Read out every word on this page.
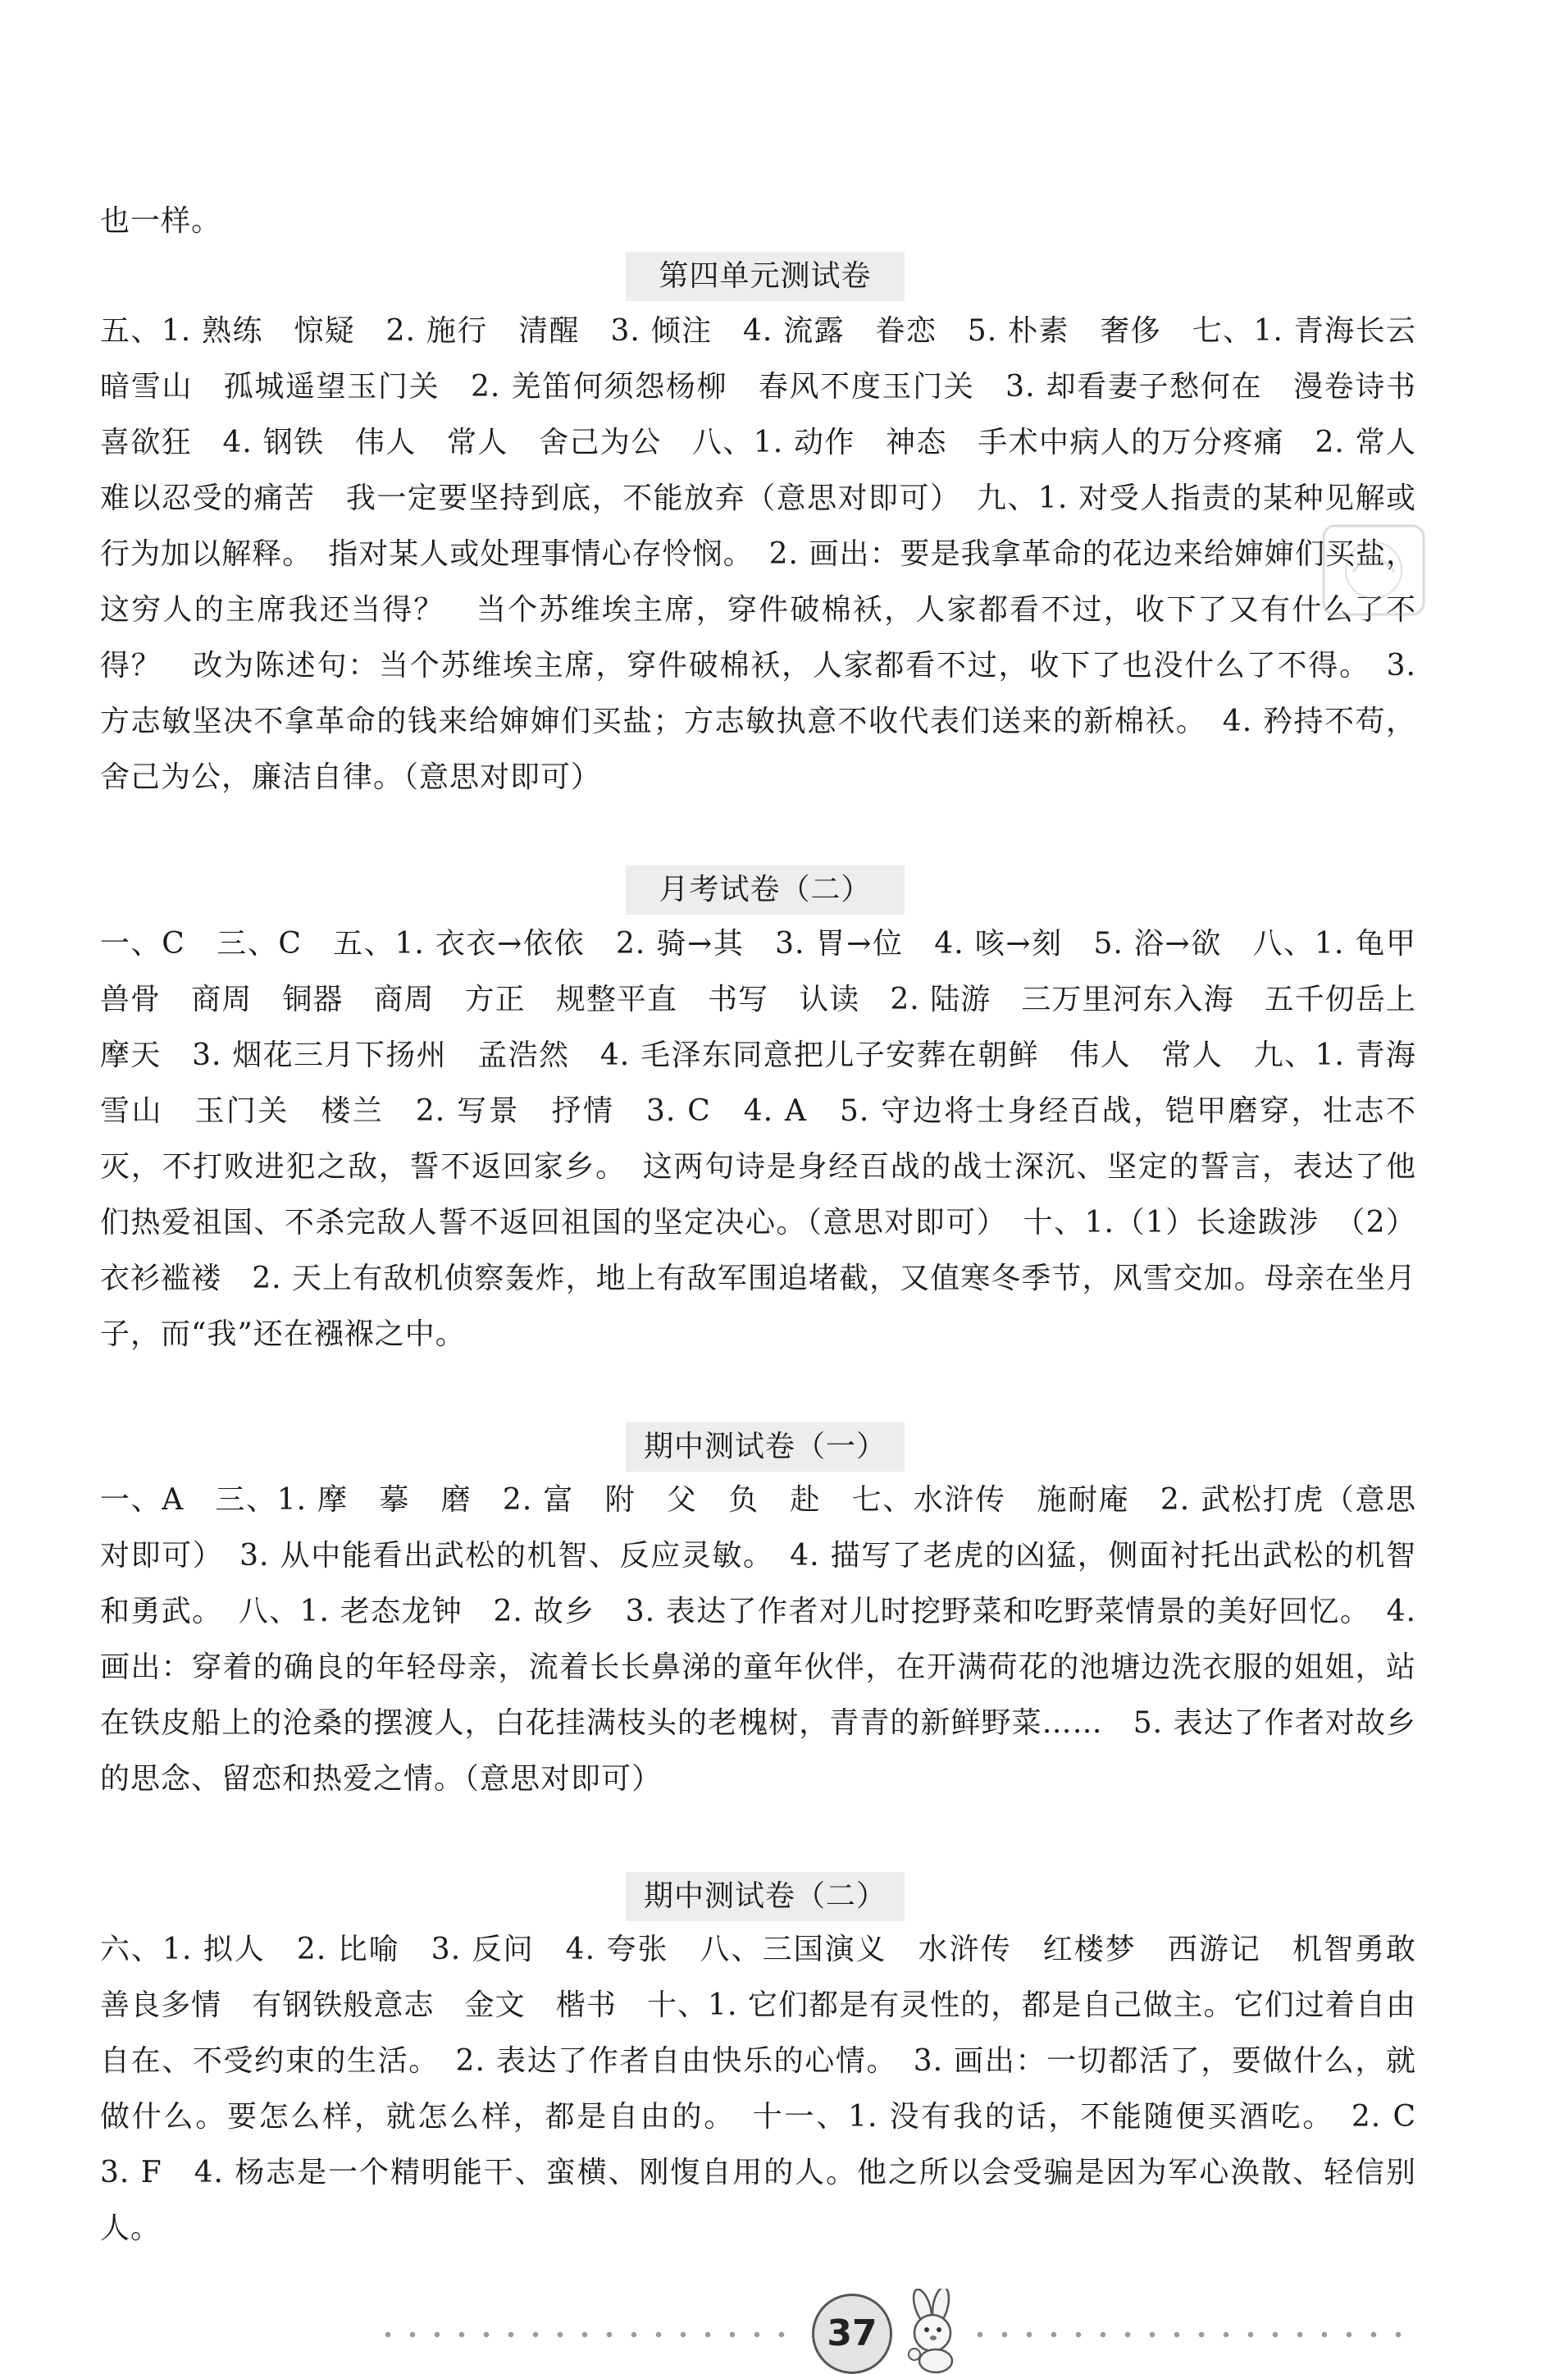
也一样。

第四单元测试卷

五、1. 熟练　惊疑　2. 施行　清醒　3. 倾注　4. 流露　眷恋　5. 朴素　奢侈　七、1. 青海长云暗雪山　孤城遥望玉门关　2. 羌笛何须怨杨柳　春风不度玉门关　3. 却看妻子愁何在　漫卷诗书喜欲狂　4. 钢铁　伟人　常人　舍己为公　八、1. 动作　神态　手术中病人的万分疼痛　2. 常人难以忍受的痛苦　我一定要坚持到底，不能放弃（意思对即可）　九、1. 对受人指责的某种见解或行为加以解释。　指对某人或处理事情心存怜悯。　2. 画出：要是我拿革命的花边来给婶婶们买盐，这穷人的主席我还当得？　当个苏维埃主席，穿件破棉袄，人家都看不过，收下了又有什么了不得？　改为陈述句：当个苏维埃主席，穿件破棉袄，人家都看不过，收下了也没什么了不得。　3. 方志敏坚决不拿革命的钱来给婶婶们买盐；方志敏执意不收代表们送来的新棉袄。　4. 矜持不苟，舍己为公，廉洁自律。（意思对即可）

月考试卷（二）

一、C　三、C　五、1. 衣衣→依依　2. 骑→其　3. 胃→位　4. 咳→刻　5. 浴→欲　八、1. 龟甲　兽骨　商周　铜器　商周　方正　规整平直　书写　认读　2. 陆游　三万里河东入海　五千仞岳上摩天　3. 烟花三月下扬州　孟浩然　4. 毛泽东同意把儿子安葬在朝鲜　伟人　常人　九、1. 青海　雪山　玉门关　楼兰　2. 写景　抒情　3. C　4. A　5. 守边将士身经百战，铠甲磨穿，壮志不灭，不打败进犯之敌，誓不返回家乡。　这两句诗是身经百战的战士深沉、坚定的誓言，表达了他们热爱祖国、不杀完敌人誓不返回祖国的坚定决心。（意思对即可）　十、1.（1）长途跋涉　（2）衣衫褴褛　2. 天上有敌机侦察轰炸，地上有敌军围追堵截，又值寒冬季节，风雪交加。母亲在坐月子，而“我”还在襁褓之中。

期中测试卷（一）

一、A　三、1. 摩　摹　磨　2. 富　附　父　负　赴　七、水浒传　施耐庵　2. 武松打虎（意思对即可）　3. 从中能看出武松的机智、反应灵敏。　4. 描写了老虎的凶猛，侧面衬托出武松的机智和勇武。　八、1. 老态龙钟　2. 故乡　3. 表达了作者对儿时挖野菜和吃野菜情景的美好回忆。　4. 画出：穿着的确良的年轻母亲，流着长长鼻涕的童年伙伴，在开满荷花的池塘边洗衣服的姐姐，站在铁皮船上的沧桑的摆渡人，白花挂满枝头的老槐树，青青的新鲜野菜……　5. 表达了作者对故乡的思念、留恋和热爱之情。（意思对即可）

期中测试卷（二）

六、1. 拟人　2. 比喻　3. 反问　4. 夸张　八、三国演义　水浒传　红楼梦　西游记　机智勇敢　善良多情　有钢铁般意志　金文　楷书　十、1. 它们都是有灵性的，都是自己做主。它们过着自由自在、不受约束的生活。　2. 表达了作者自由快乐的心情。　3. 画出：一切都活了，要做什么，就做什么。要怎么样，就怎么样，都是自由的。　十一、1. 没有我的话，不能随便买酒吃。　2. C　3. F　4. 杨志是一个精明能干、蛮横、刚愎自用的人。他之所以会受骗是因为军心涣散、轻信别人。

37
